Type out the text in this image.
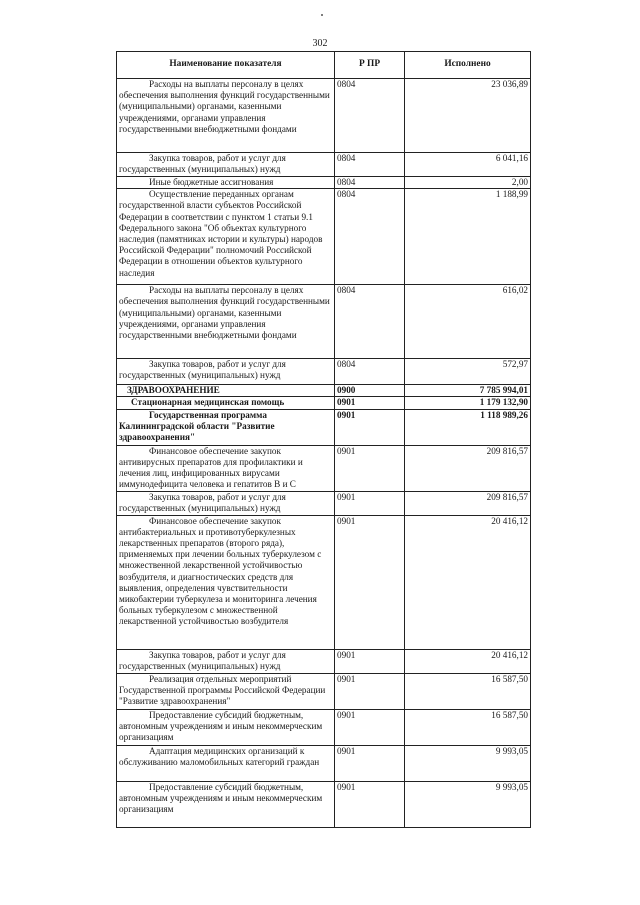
302
Наименование показателя	Р ПР	Исполнено
Расходы на выплаты персоналу в целях обеспечения выполнения функций государственными (муниципальными) органами, казенными учреждениями, органами управления государственными внебюджетными фондами	0804	23 036,89
Закупка товаров, работ и услуг для государственных (муниципальных) нужд	0804	6 041,16
Иные бюджетные ассигнования	0804	2,00
Осуществление переданных органам государственной власти субъектов Российской Федерации в соответствии с пунктом 1 статьи 9.1 Федерального закона "Об объектах культурного наследия (памятниках истории и культуры) народов Российской Федерации" полномочий Российской Федерации в отношении объектов культурного наследия	0804	1 188,99
Расходы на выплаты персоналу в целях обеспечения выполнения функций государственными (муниципальными) органами, казенными учреждениями, органами управления государственными внебюджетными фондами	0804	616,02
Закупка товаров, работ и услуг для государственных (муниципальных) нужд	0804	572,97
ЗДРАВООХРАНЕНИЕ	0900	7 785 994,01
Стационарная медицинская помощь	0901	1 179 132,90
Государственная программа Калининградской области "Развитие здравоохранения"	0901	1 118 989,26
Финансовое обеспечение закупок антивирусных препаратов для профилактики и лечения лиц, инфицированных вирусами иммунодефицита человека и гепатитов В и С	0901	209 816,57
Закупка товаров, работ и услуг для государственных (муниципальных) нужд	0901	209 816,57
Финансовое обеспечение закупок антибактериальных и противотуберкулезных лекарственных препаратов (второго ряда), применяемых при лечении больных туберкулезом с множественной лекарственной устойчивостью возбудителя, и диагностических средств для выявления, определения чувствительности микобактерии туберкулеза и мониторинга лечения больных туберкулезом с множественной лекарственной устойчивостью возбудителя	0901	20 416,12
Закупка товаров, работ и услуг для государственных (муниципальных) нужд	0901	20 416,12
Реализация отдельных мероприятий Государственной программы Российской Федерации "Развитие здравоохранения"	0901	16 587,50
Предоставление субсидий бюджетным, автономным учреждениям и иным некоммерческим организациям	0901	16 587,50
Адаптация медицинских организаций к обслуживанию маломобильных категорий граждан	0901	9 993,05
Предоставление субсидий бюджетным, автономным учреждениям и иным некоммерческим организациям	0901	9 993,05
